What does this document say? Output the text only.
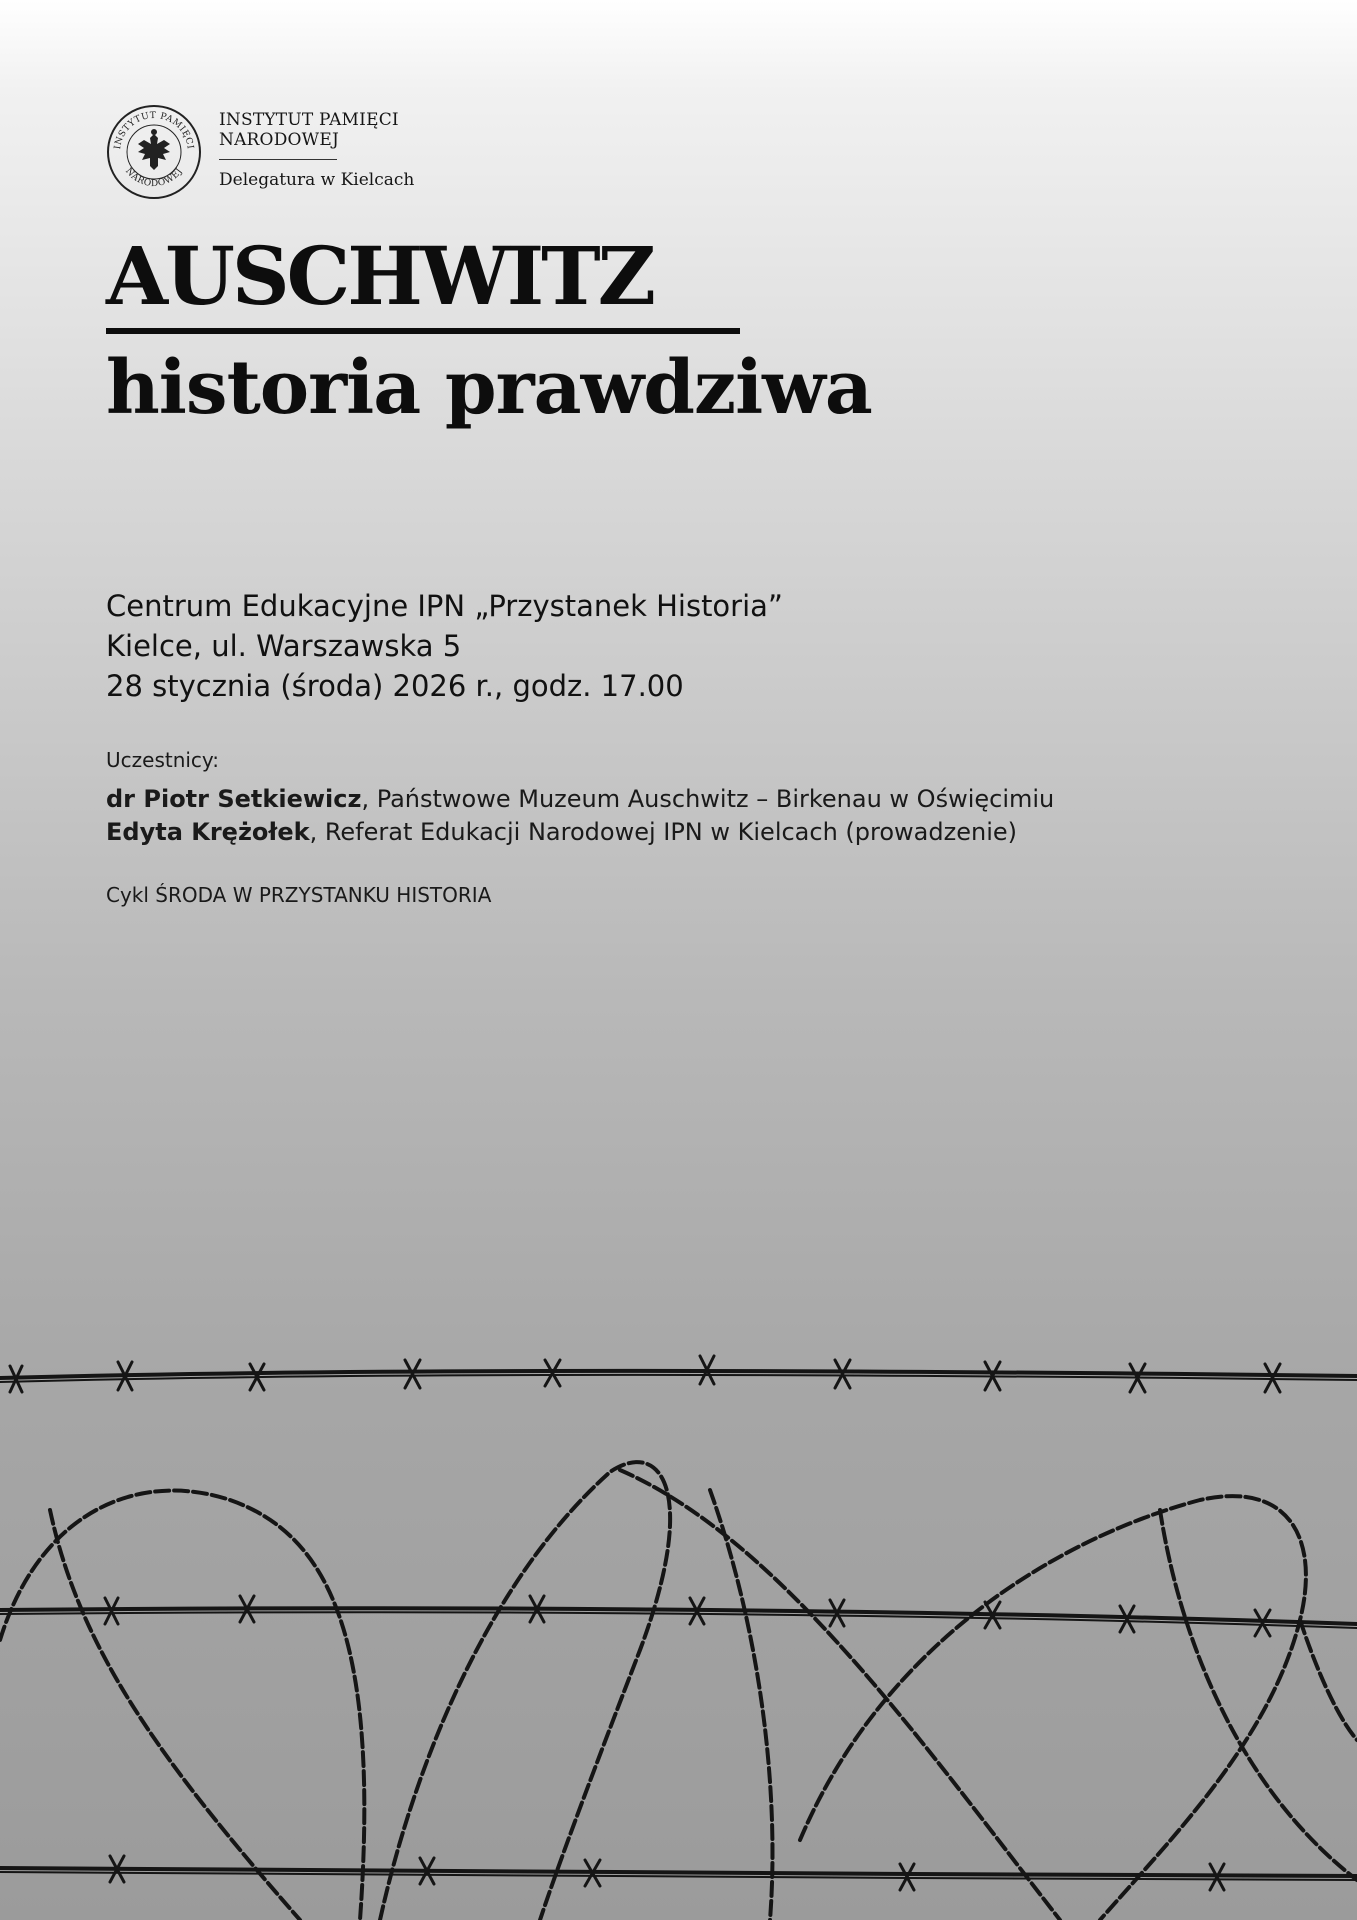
INSTYTUT PAMIĘCI
NARODOWEJ
INSTYTUT PAMIĘCI
NARODOWEJ
Delegatura w Kielcach
AUSCHWITZ
historia prawdziwa
Centrum Edukacyjne IPN „Przystanek Historia”
Kielce, ul. Warszawska 5
28 stycznia (środa) 2026 r., godz. 17.00
Uczestnicy:
dr Piotr Setkiewicz, Państwowe Muzeum Auschwitz – Birkenau w Oświęcimiu
Edyta Krężołek, Referat Edukacji Narodowej IPN w Kielcach (prowadzenie)
Cykl ŚRODA W PRZYSTANKU HISTORIA
